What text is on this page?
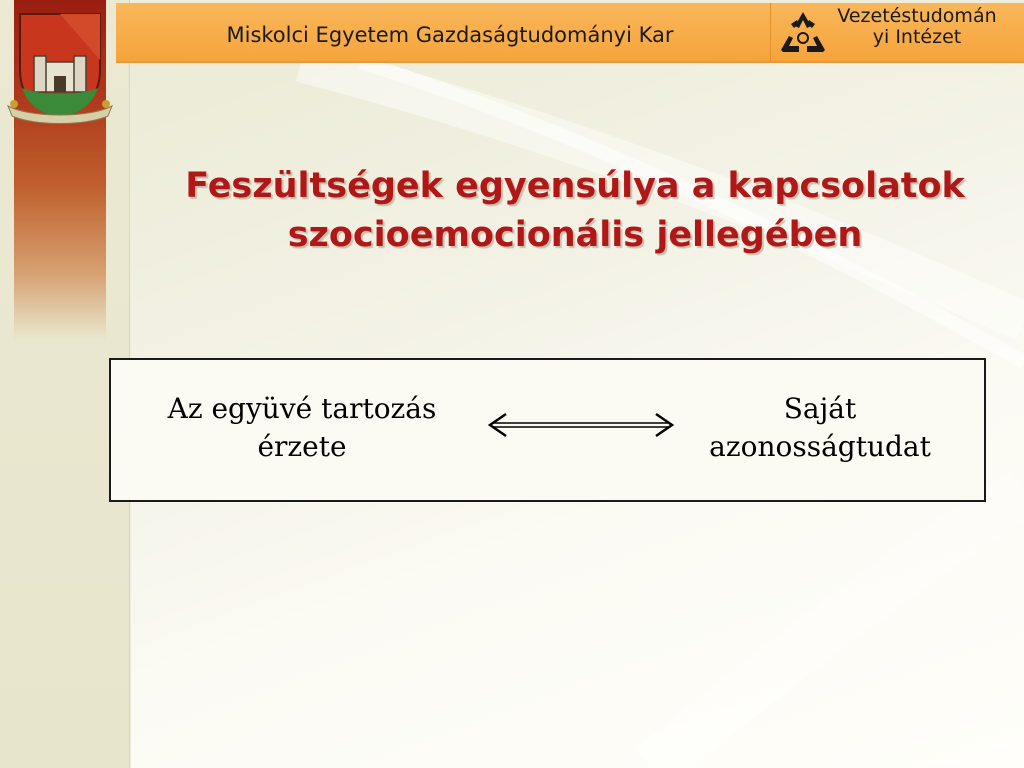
Miskolci Egyetem Gazdaságtudományi Kar
Vezetéstudomán
yi Intézet
Feszültségek egyensúlya a kapcsolatok
szocioemocionális jellegében
Az együvé tartozás
érzete
Saját
azonosságtudat
